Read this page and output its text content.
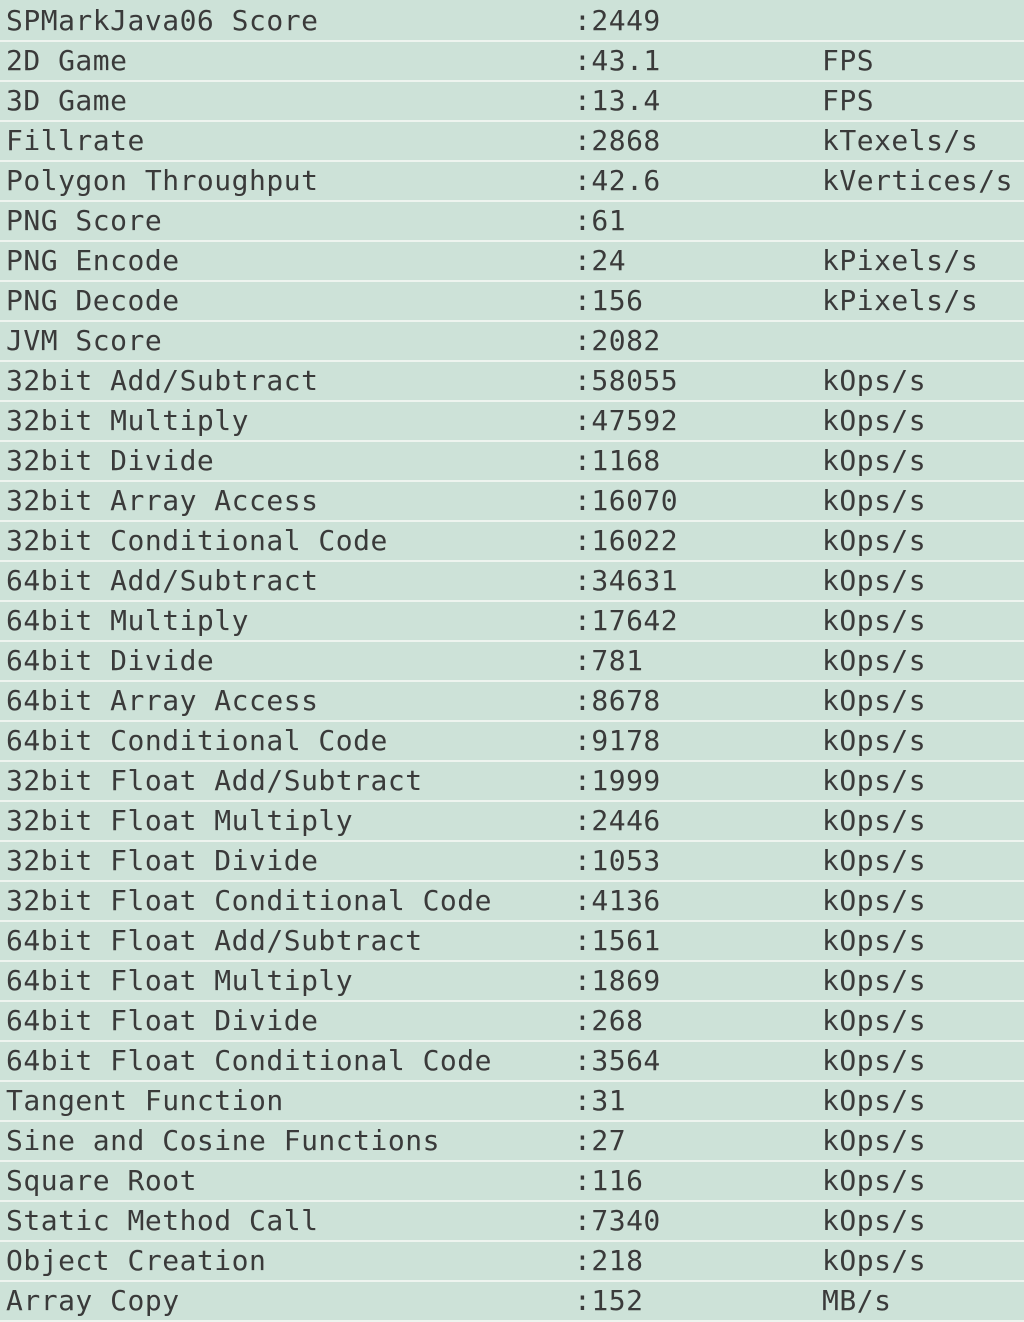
SPMarkJava06 Score	:2449
2D Game	:43.1	FPS
3D Game	:13.4	FPS
Fillrate	:2868	kTexels/s
Polygon Throughput	:42.6	kVertices/s
PNG Score	:61
PNG Encode	:24	kPixels/s
PNG Decode	:156	kPixels/s
JVM Score	:2082
32bit Add/Subtract	:58055	kOps/s
32bit Multiply	:47592	kOps/s
32bit Divide	:1168	kOps/s
32bit Array Access	:16070	kOps/s
32bit Conditional Code	:16022	kOps/s
64bit Add/Subtract	:34631	kOps/s
64bit Multiply	:17642	kOps/s
64bit Divide	:781	kOps/s
64bit Array Access	:8678	kOps/s
64bit Conditional Code	:9178	kOps/s
32bit Float Add/Subtract	:1999	kOps/s
32bit Float Multiply	:2446	kOps/s
32bit Float Divide	:1053	kOps/s
32bit Float Conditional Code	:4136	kOps/s
64bit Float Add/Subtract	:1561	kOps/s
64bit Float Multiply	:1869	kOps/s
64bit Float Divide	:268	kOps/s
64bit Float Conditional Code	:3564	kOps/s
Tangent Function	:31	kOps/s
Sine and Cosine Functions	:27	kOps/s
Square Root	:116	kOps/s
Static Method Call	:7340	kOps/s
Object Creation	:218	kOps/s
Array Copy	:152	MB/s
